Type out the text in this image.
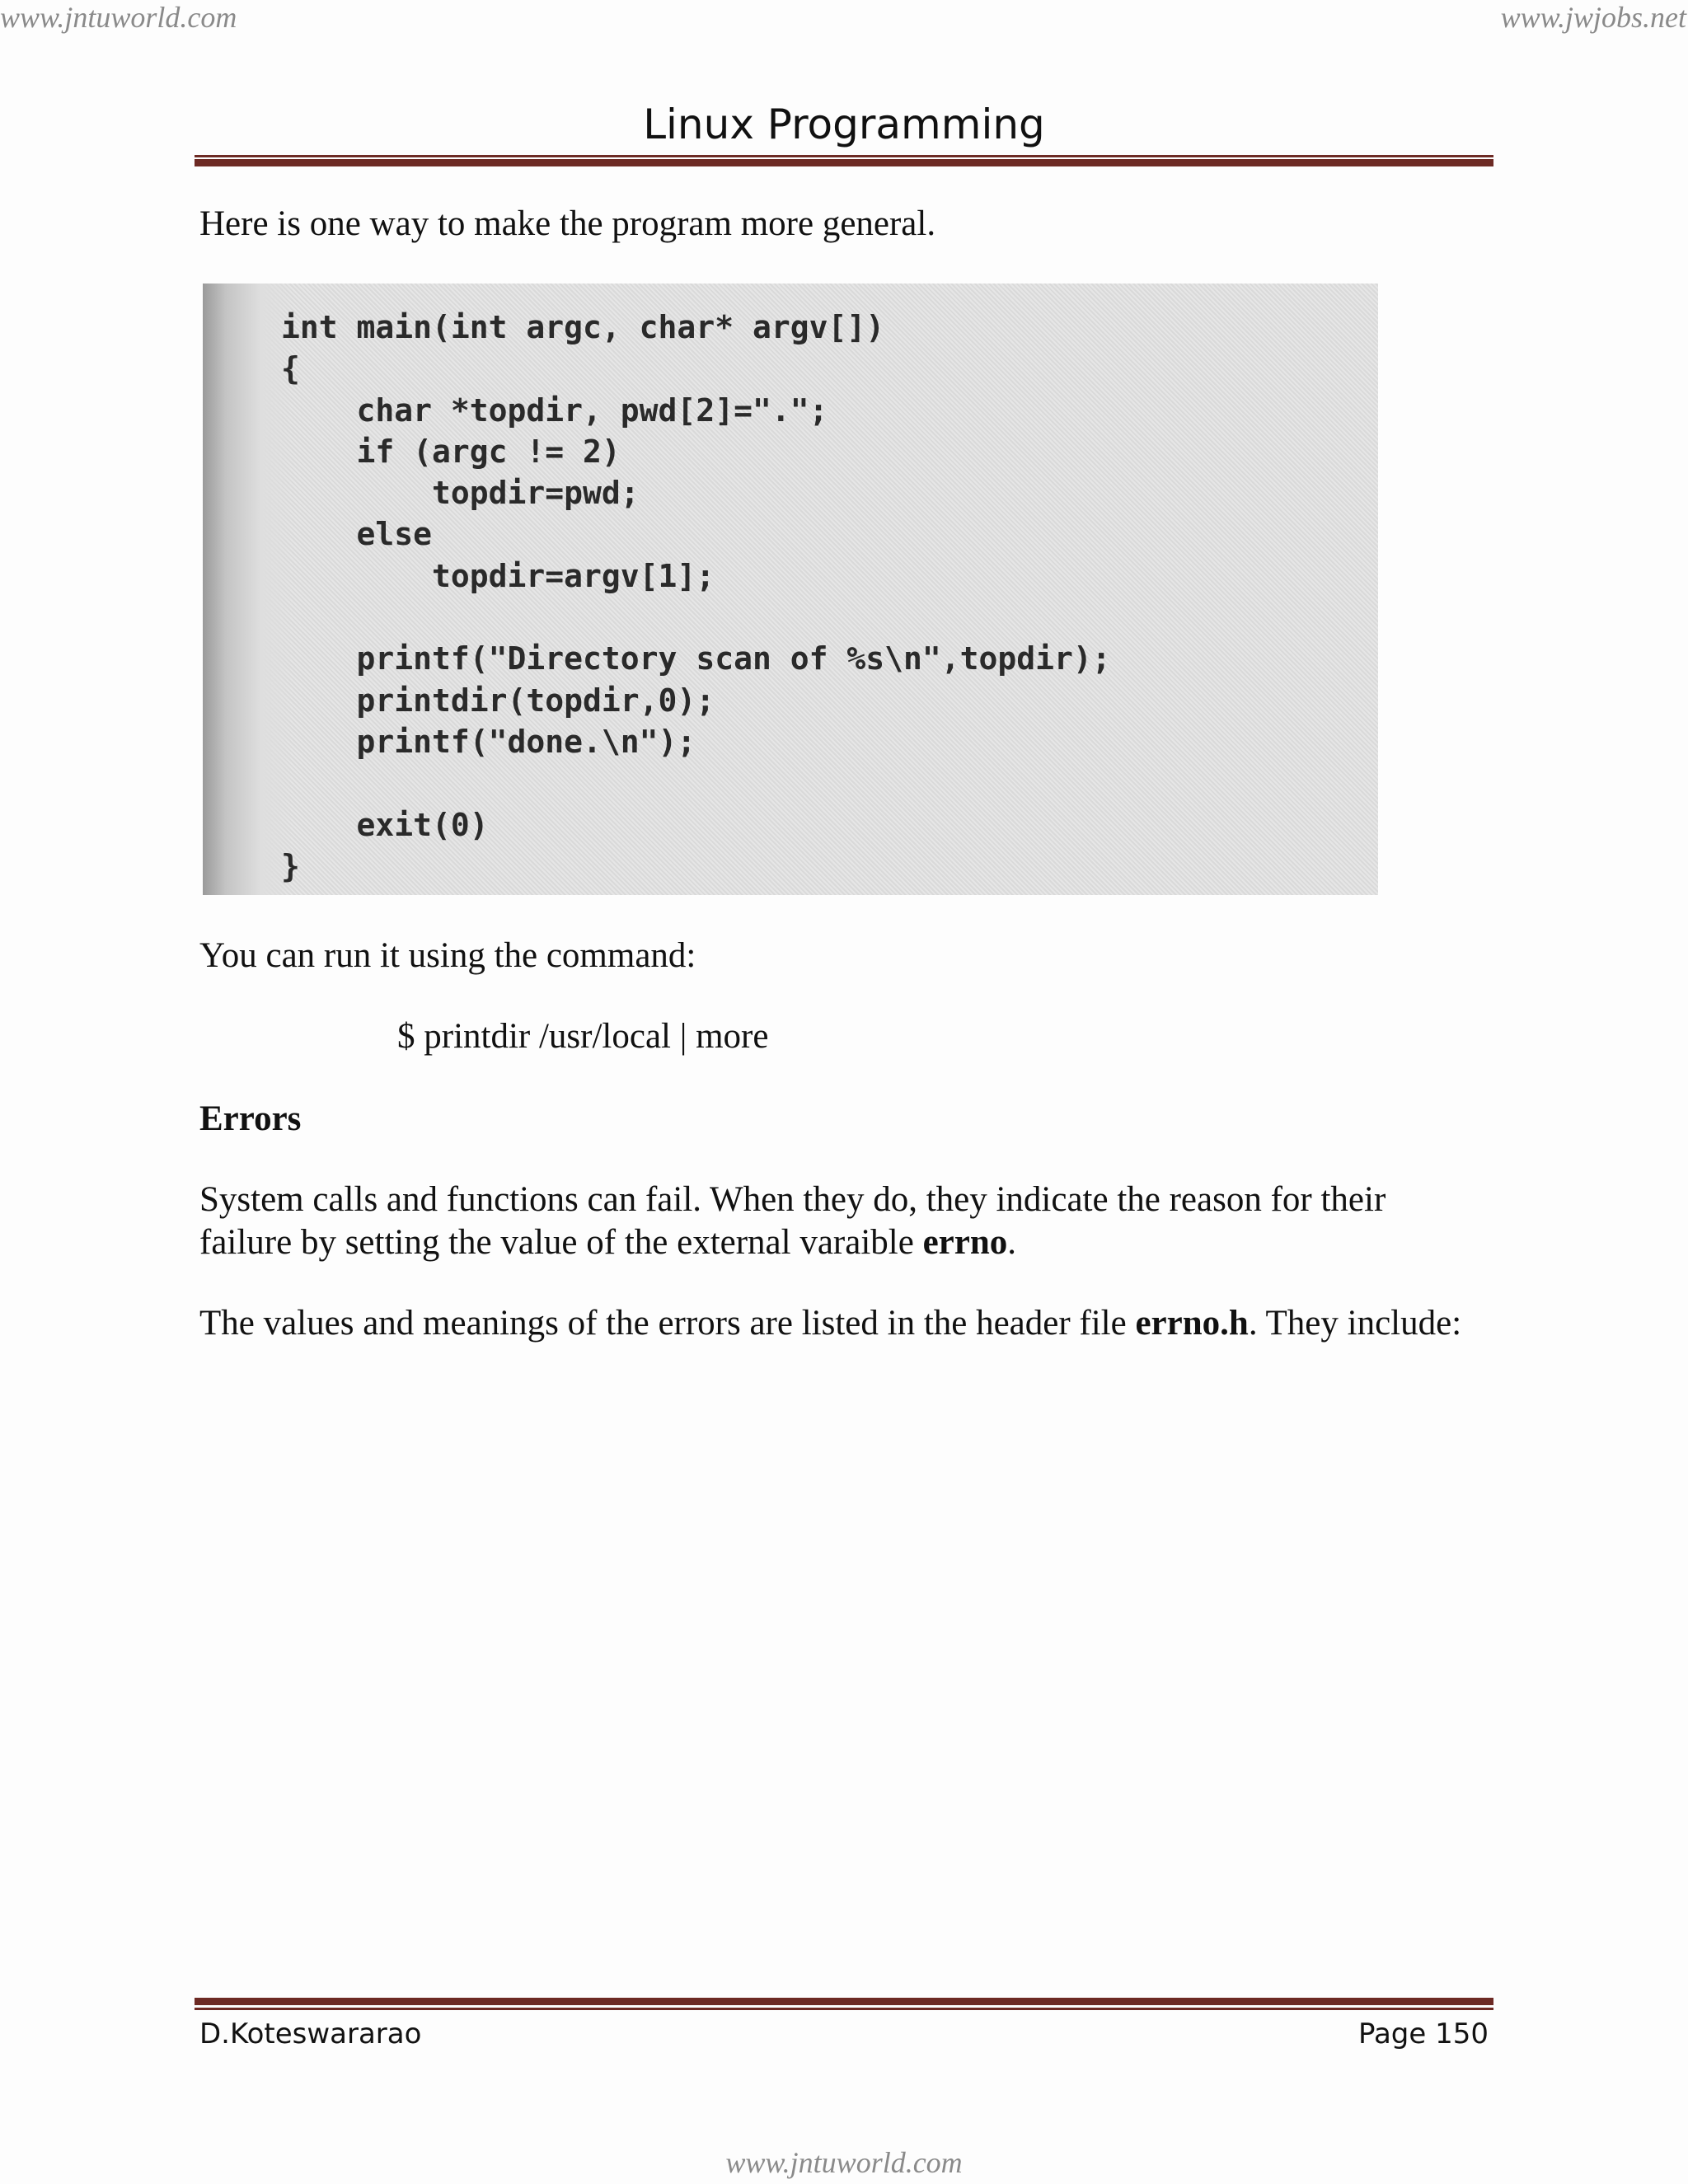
www.jntuworld.com	www.jwjobs.net
Linux Programming

Here is one way to make the program more general.

int main(int argc, char* argv[])
{
char *topdir, pwd[2]=".";
if (argc != 2)
topdir=pwd;
else
topdir=argv[1];

printf("Directory scan of %s\n",topdir);
printdir(topdir,0);
printf("done.\n");

exit(0)
}

You can run it using the command:

$ printdir /usr/local | more
Errors

System calls and functions can fail. When they do, they indicate the reason for their failure by setting the value of the external varaible errno.

The values and meanings of the errors are listed in the header file errno.h. They include:

D.Koteswararao	Page 150
www.jntuworld.com
